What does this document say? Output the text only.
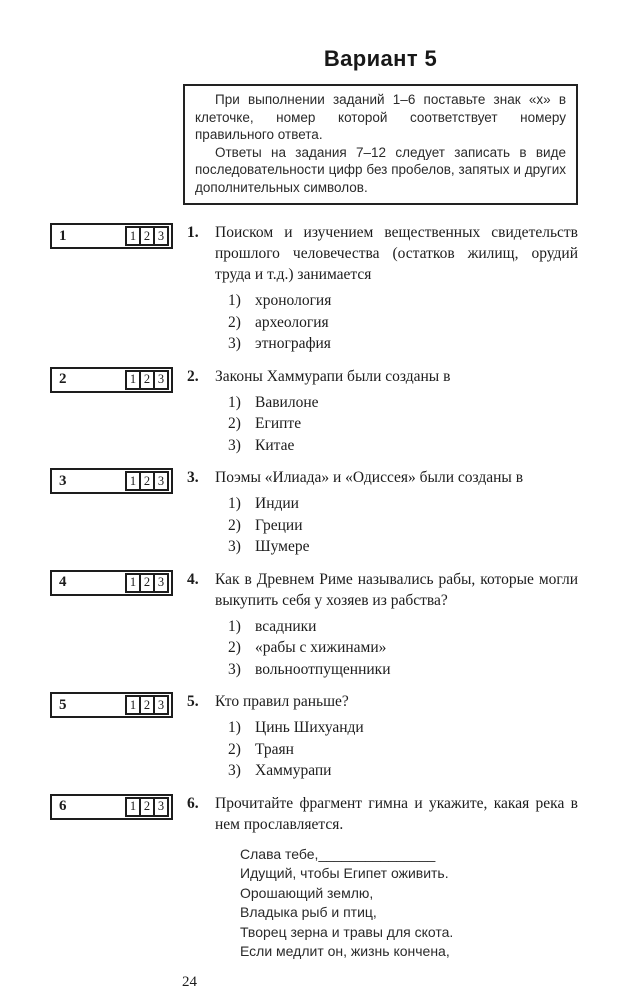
Вариант 5

При выполнении заданий 1–6 поставьте знак «х» в клеточке, номер которой соответствует номеру правильного ответа.

Ответы на задания 7–12 следует записать в виде последовательности цифр без пробелов, запятых и других дополнительных символов.

1	1 2 3	1. Поиском и изучением вещественных свидетельств прошлого человечества (остатков жилищ, орудий труда и т.д.) занимается
1) хронология
2) археология
3) этнография
2	1 2 3	2. Законы Хаммурапи были созданы в
1) Вавилоне
2) Египте
3) Китае
3	1 2 3	3. Поэмы «Илиада» и «Одиссея» были созданы в
1) Индии
2) Греции
3) Шумере
4	1 2 3	4. Как в Древнем Риме назывались рабы, которые могли выкупить себя у хозяев из рабства?
1) всадники
2) «рабы с хижинами»
3) вольноотпущенники
5	1 2 3	5. Кто правил раньше?
1) Цинь Шихуанди
2) Траян
3) Хаммурапи
6	1 2 3	6. Прочитайте фрагмент гимна и укажите, какая река в нем прославляется.
Слава тебе,_______________
Идущий, чтобы Египет оживить.
Орошающий землю,
Владыка рыб и птиц,
Творец зерна и травы для скота.
Если медлит он, жизнь кончена,
24
